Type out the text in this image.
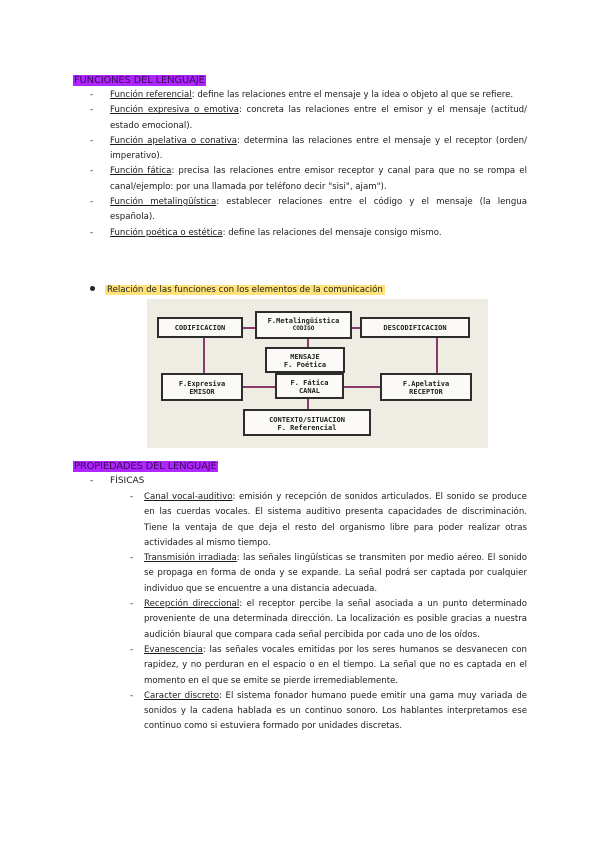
FUNCIONES DEL LENGUAJE
- Función referencial: define las relaciones entre el mensaje y la idea o objeto al que se refiere.
- Función expresiva o emotiva: concreta las relaciones entre el emisor y el mensaje (actitud/ estado emocional).
- Función apelativa o conativa: determina las relaciones entre el mensaje y el receptor (orden/ imperativo).
- Función fática: precisa las relaciones entre emisor receptor y canal para que no se rompa el canal/ejemplo: por una llamada por teléfono decir "sisi", ajam").
- Función metalingüística: establecer relaciones entre el código y el mensaje (la lengua española).
- Función poética o estética: define las relaciones del mensaje consigo mismo.
Relación de las funciones con los elementos de la comunicación
CODIFICACION
F.Metalingüística
CODIGO	DESCODIFICACION
MENSAJE
F. Poética
F.Expresiva
EMISOR
F. Fática
CANAL
F.Apelativa
RECEPTOR
CONTEXTO/SITUACION
F. Referencial
PROPIEDADES DEL LENGUAJE
- FÍSICAS
- Canal vocal-auditivo: emisión y recepción de sonidos articulados. El sonido se produce en las cuerdas vocales. El sistema auditivo presenta capacidades de discriminación. Tiene la ventaja de que deja el resto del organismo libre para poder realizar otras actividades al mismo tiempo.
- Transmisión irradiada: las señales lingüísticas se transmiten por medio aéreo. El sonido se propaga en forma de onda y se expande. La señal podrá ser captada por cualquier individuo que se encuentre a una distancia adecuada.
- Recepción direccional: el receptor percibe la señal asociada a un punto determinado proveniente de una determinada dirección. La localización es posible gracias a nuestra audición biaural que compara cada señal percibida por cada uno de los oídos.
- Evanescencia: las señales vocales emitidas por los seres humanos se desvanecen con rapidez, y no perduran en el espacio o en el tiempo. La señal que no es captada en el momento en el que se emite se pierde irremediablemente.
- Caracter discreto: El sistema fonador humano puede emitir una gama muy variada de sonidos y la cadena hablada es un continuo sonoro. Los hablantes interpretamos ese continuo como si estuviera formado por unidades discretas.
